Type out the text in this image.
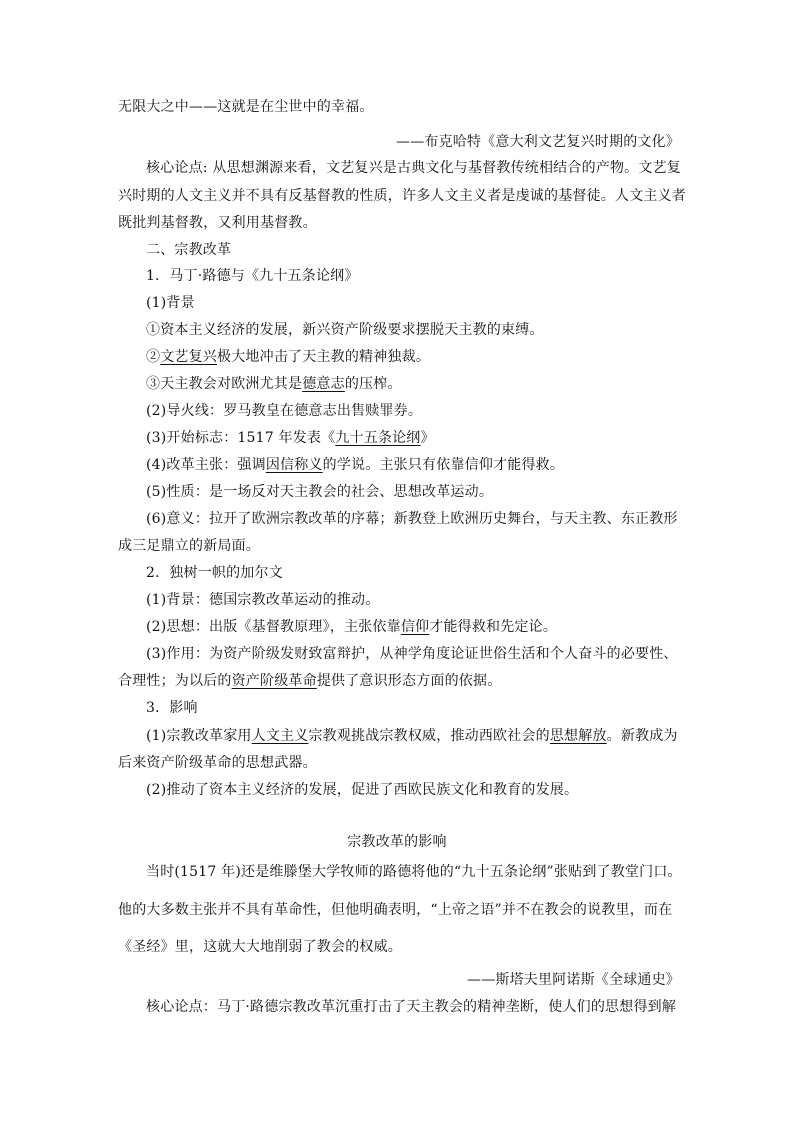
无限大之中——这就是在尘世中的幸福。
——布克哈特《意大利文艺复兴时期的文化》
核心论点: 从思想渊源来看，文艺复兴是古典文化与基督教传统相结合的产物。文艺复
兴时期的人文主义并不具有反基督教的性质，许多人文主义者是虔诚的基督徒。人文主义者
既批判基督教，又利用基督教。
二、宗教改革
1．马丁·路德与《九十五条论纲》
(1)背景
①资本主义经济的发展，新兴资产阶级要求摆脱天主教的束缚。
②文艺复兴极大地冲击了天主教的精神独裁。
③天主教会对欧洲尤其是德意志的压榨。
(2)导火线：罗马教皇在德意志出售赎罪券。
(3)开始标志：1517 年发表《九十五条论纲》
(4)改革主张：强调因信称义的学说。主张只有依靠信仰才能得救。
(5)性质：是一场反对天主教会的社会、思想改革运动。
(6)意义：拉开了欧洲宗教改革的序幕；新教登上欧洲历史舞台，与天主教、东正教形
成三足鼎立的新局面。
2．独树一帜的加尔文
(1)背景：德国宗教改革运动的推动。
(2)思想：出版《基督教原理》，主张依靠信仰才能得救和先定论。
(3)作用：为资产阶级发财致富辩护，从神学角度论证世俗生活和个人奋斗的必要性、
合理性；为以后的资产阶级革命提供了意识形态方面的依据。
3．影响
(1)宗教改革家用人文主义宗教观挑战宗教权威，推动西欧社会的思想解放。新教成为
后来资产阶级革命的思想武器。
(2)推动了资本主义经济的发展，促进了西欧民族文化和教育的发展。
宗教改革的影响
当时(1517 年)还是维滕堡大学牧师的路德将他的“九十五条论纲”张贴到了教堂门口。
他的大多数主张并不具有革命性，但他明确表明，“上帝之语”并不在教会的说教里，而在
《圣经》里，这就大大地削弱了教会的权威。
——斯塔夫里阿诺斯《全球通史》
核心论点：马丁·路德宗教改革沉重打击了天主教会的精神垄断，使人们的思想得到解
